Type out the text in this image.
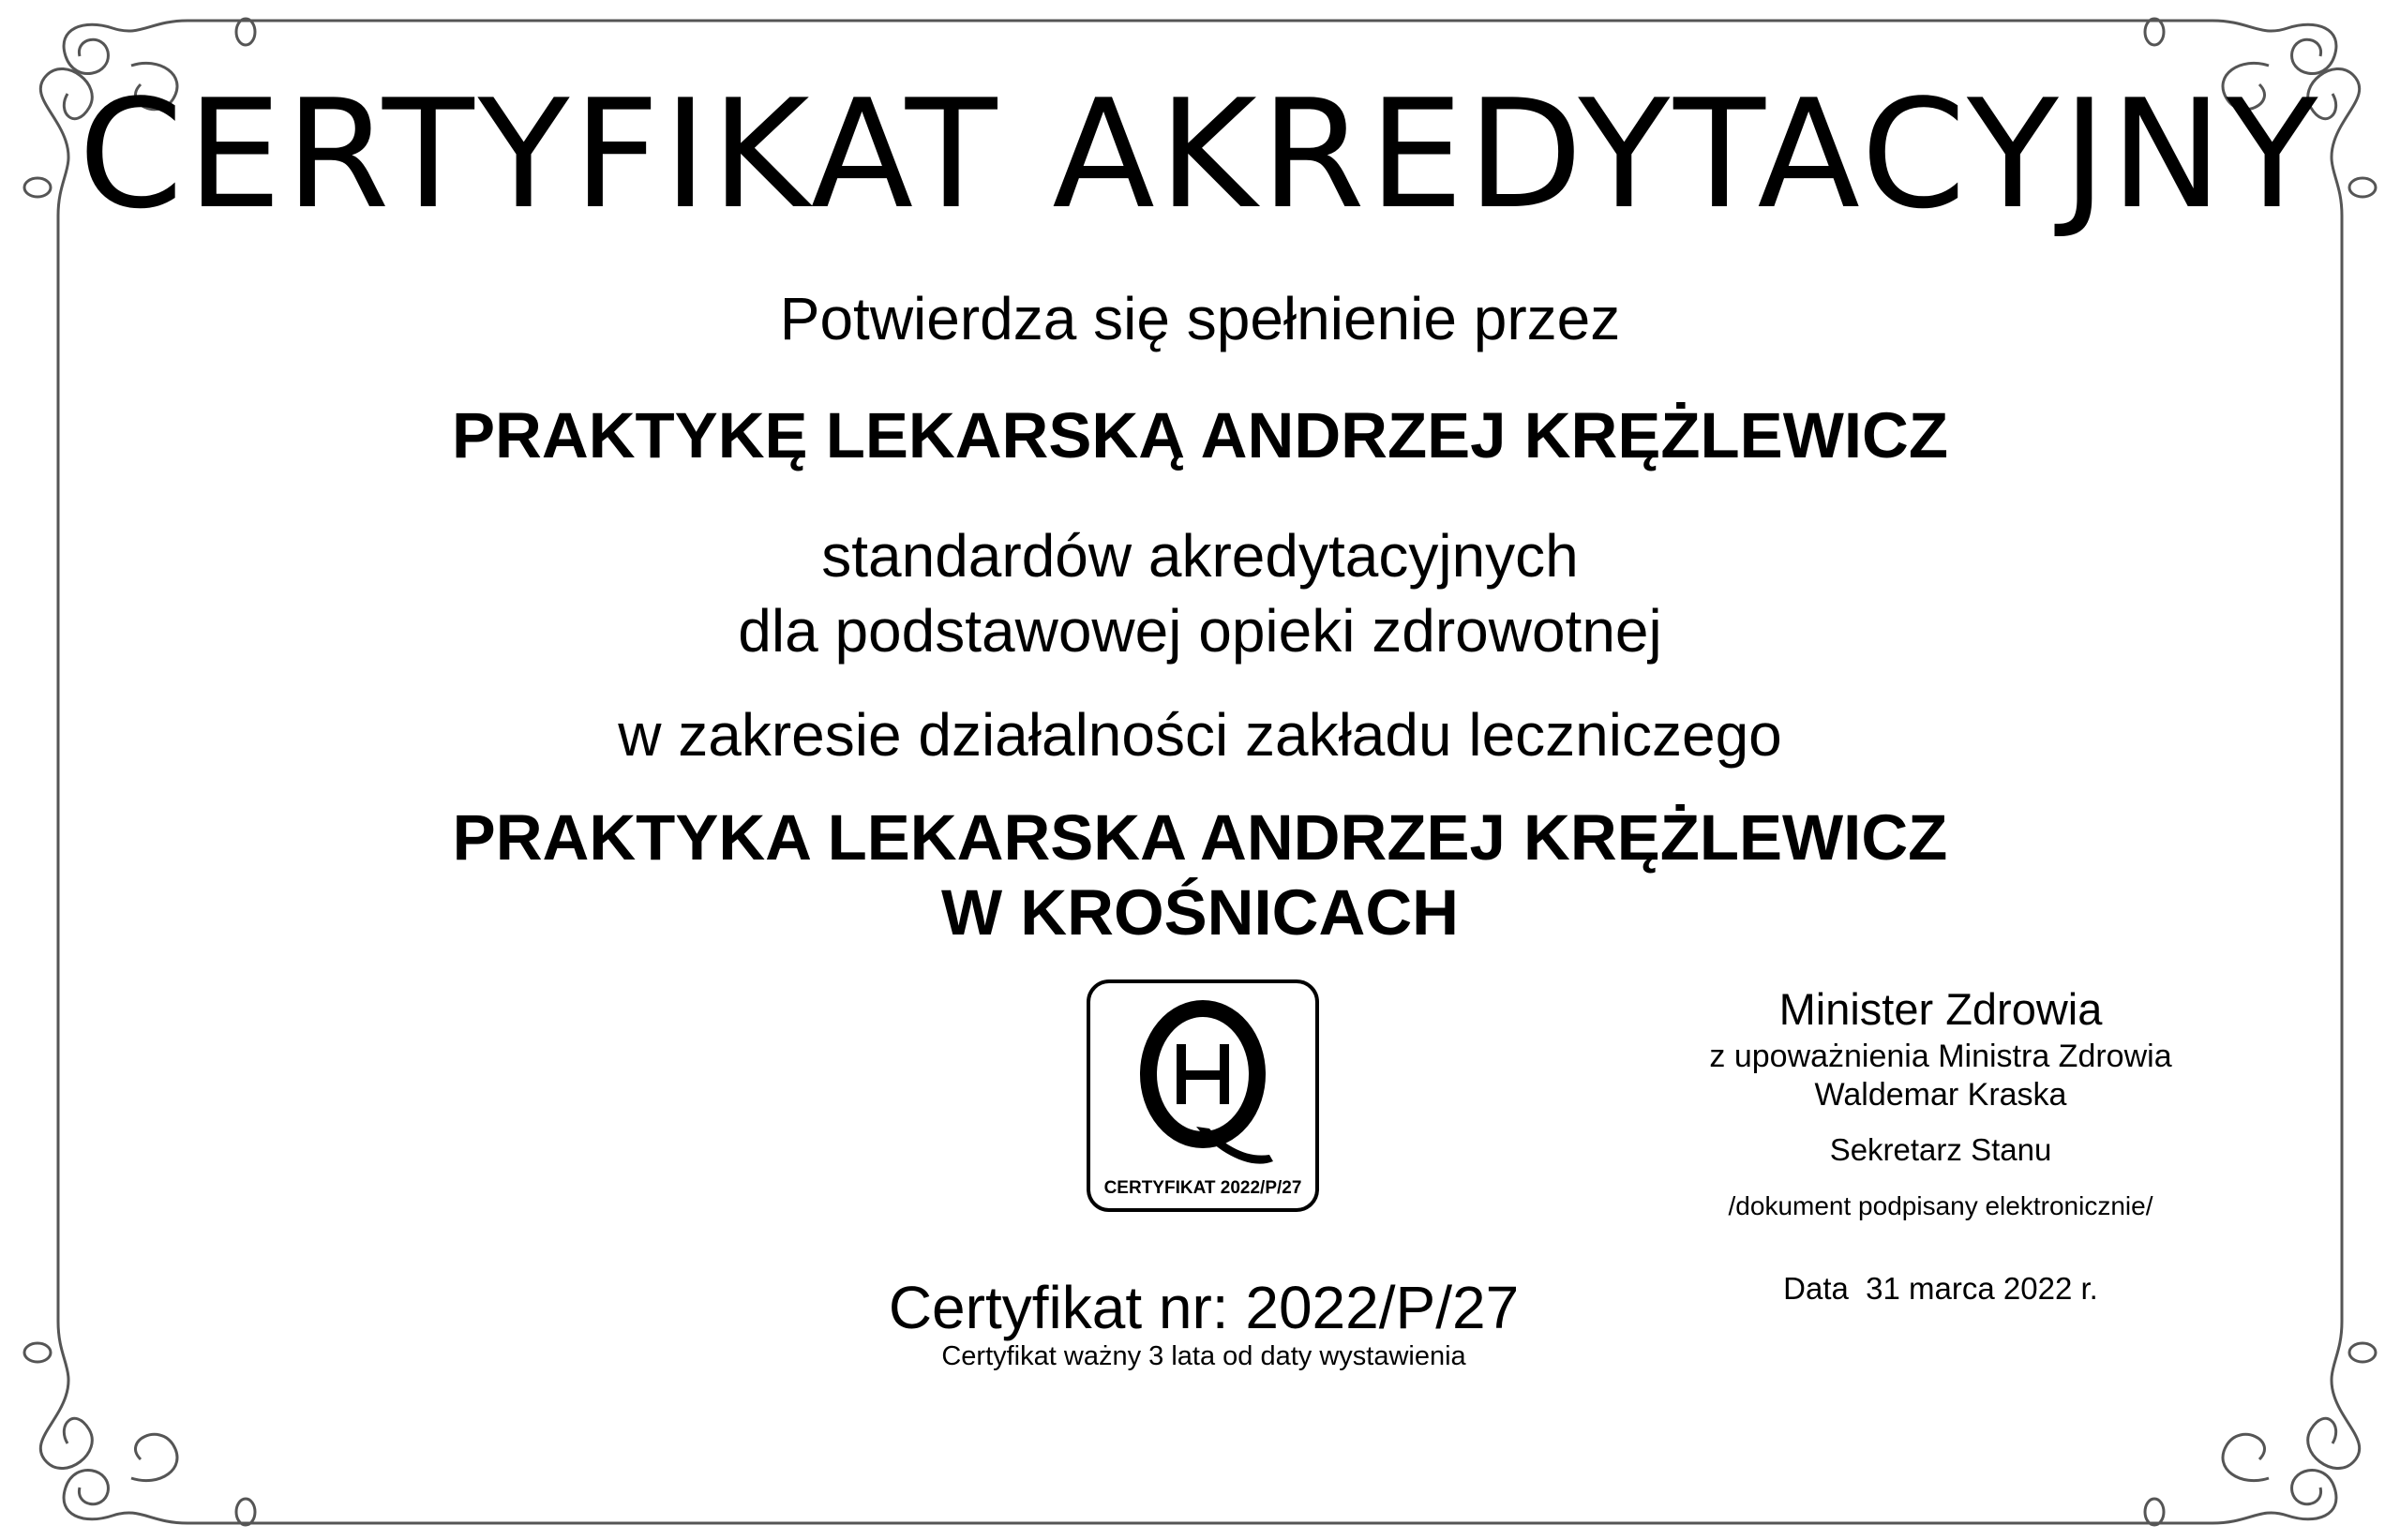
CERTYFIKAT AKREDYTACYJNY
Potwierdza się spełnienie przez
PRAKTYKĘ LEKARSKĄ ANDRZEJ KRĘŻLEWICZ
standardów akredytacyjnych
dla podstawowej opieki zdrowotnej
w zakresie działalności zakładu leczniczego
PRAKTYKA LEKARSKA ANDRZEJ KRĘŻLEWICZ
W KROŚNICACH
CERTYFIKAT 2022/P/27
Certyfikat nr: 2022/P/27
Certyfikat ważny 3 lata od daty wystawienia
Minister Zdrowia
z upoważnienia Ministra Zdrowia
Waldemar Kraska
Sekretarz Stanu
/dokument podpisany elektronicznie/
Data  31 marca 2022 r.
